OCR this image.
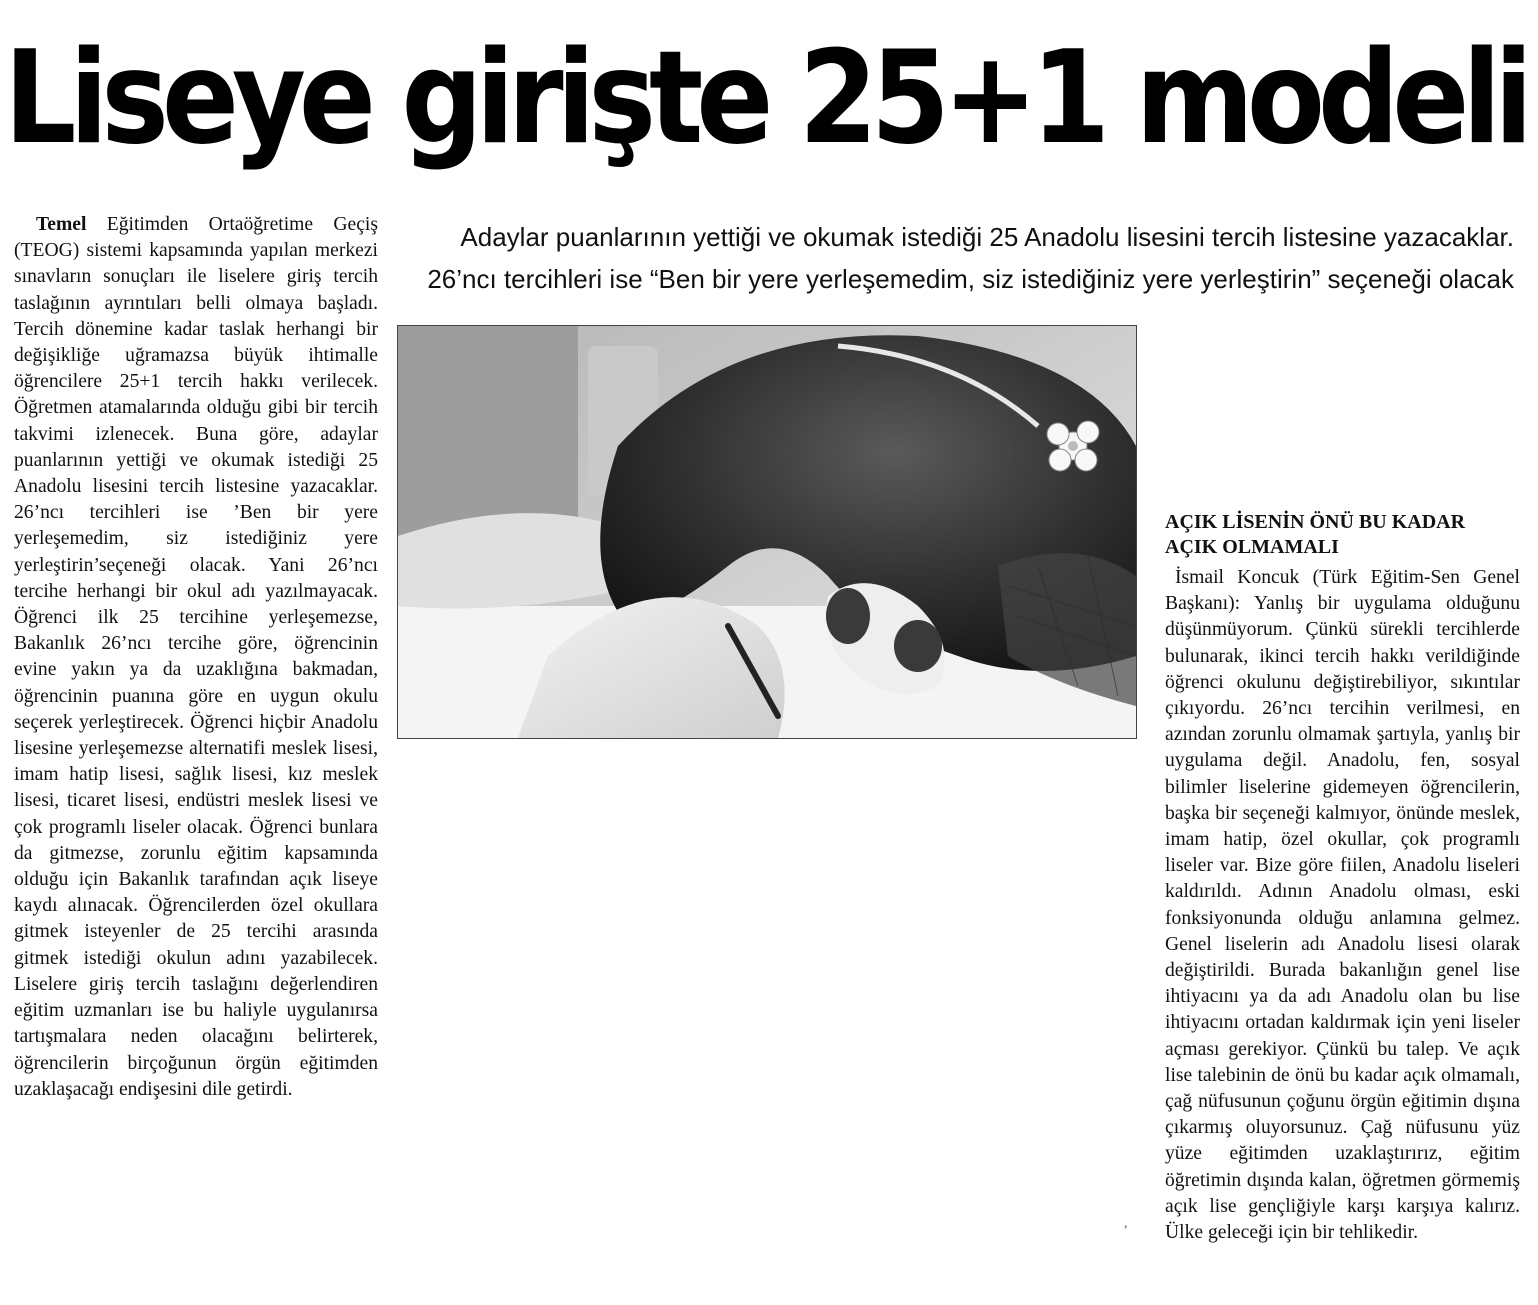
Liseye girişte 25+1 modeli
Temel Eğitimden Ortaöğretime Geçiş (TEOG) sistemi kapsamında yapılan merkezi sınavların sonuçları ile liselere giriş tercih taslağının ayrıntıları belli olmaya başladı. Tercih dönemine kadar taslak herhangi bir değişikliğe uğramazsa büyük ihtimalle öğrencilere 25+1 tercih hakkı verilecek. Öğretmen atamalarında olduğu gibi bir tercih takvimi izlenecek. Buna göre, adaylar puanlarının yettiği ve okumak istediği 25 Anadolu lisesini tercih listesine yazacaklar. 26’ncı tercihleri ise ’Ben bir yere yerleşemedim, siz istediğiniz yere yerleştirin’seçeneği olacak. Yani 26’ncı tercihe herhangi bir okul adı yazılmayacak. Öğrenci ilk 25 tercihine yerleşemezse, Bakanlık 26’ncı tercihe göre, öğrencinin evine yakın ya da uzaklığına bakmadan, öğrencinin puanına göre en uygun okulu seçerek yerleştirecek. Öğrenci hiçbir Anadolu lisesine yerleşemezse alternatifi meslek lisesi, imam hatip lisesi, sağlık lisesi, kız meslek lisesi, ticaret lisesi, endüstri meslek lisesi ve çok programlı liseler olacak. Öğrenci bunlara da gitmezse, zorunlu eğitim kapsamında olduğu için Bakanlık tarafından açık liseye kaydı alınacak. Öğrencilerden özel okullara gitmek isteyenler de 25 tercihi arasında gitmek istediği okulun adını yazabilecek. Liselere giriş tercih taslağını değerlendiren eğitim uzmanları ise bu haliyle uygulanırsa tartışmalara neden olacağını belirterek, öğrencilerin birçoğunun örgün eğitimden uzaklaşacağı endişesini dile getirdi.
Adaylar puanlarının yettiği ve okumak istediği 25 Anadolu lisesini tercih listesine yazacaklar.
26’ncı tercihleri ise “Ben bir yere yerleşemedim, siz istediğiniz yere yerleştirin” seçeneği olacak
AÇIK LİSENİN ÖNÜ BU KADAR
AÇIK OLMAMALI

İsmail Koncuk (Türk Eğitim-Sen Genel Başkanı): Yanlış bir uygulama olduğunu düşünmüyorum. Çünkü sürekli tercihlerde bulunarak, ikinci tercih hakkı verildiğinde öğrenci okulunu değiştirebiliyor, sıkıntılar çıkıyordu. 26’ncı tercihin verilmesi, en azından zorunlu olmamak şartıyla, yanlış bir uygulama değil. Anadolu, fen, sosyal bilimler liselerine gidemeyen öğrencilerin, başka bir seçeneği kalmıyor, önünde meslek, imam hatip, özel okullar, çok programlı liseler var. Bize göre fiilen, Anadolu liseleri kaldırıldı. Adının Anadolu olması, eski fonksiyonunda olduğu anlamına gelmez. Genel liselerin adı Anadolu lisesi olarak değiştirildi. Burada bakanlığın genel lise ihtiyacını ya da adı Anadolu olan bu lise ihtiyacını ortadan kaldırmak için yeni liseler açması gerekiyor. Çünkü bu talep. Ve açık lise talebinin de önü bu kadar açık olmamalı, çağ nüfusunun çoğunu örgün eğitimin dışına çıkarmış oluyorsunuz. Çağ nüfusunu yüz yüze eğitimden uzaklaştırırız, eğitim öğretimin dışında kalan, öğretmen görmemiş açık lise gençliğiyle karşı karşıya kalırız. Ülke geleceği için bir tehlikedir.

,
